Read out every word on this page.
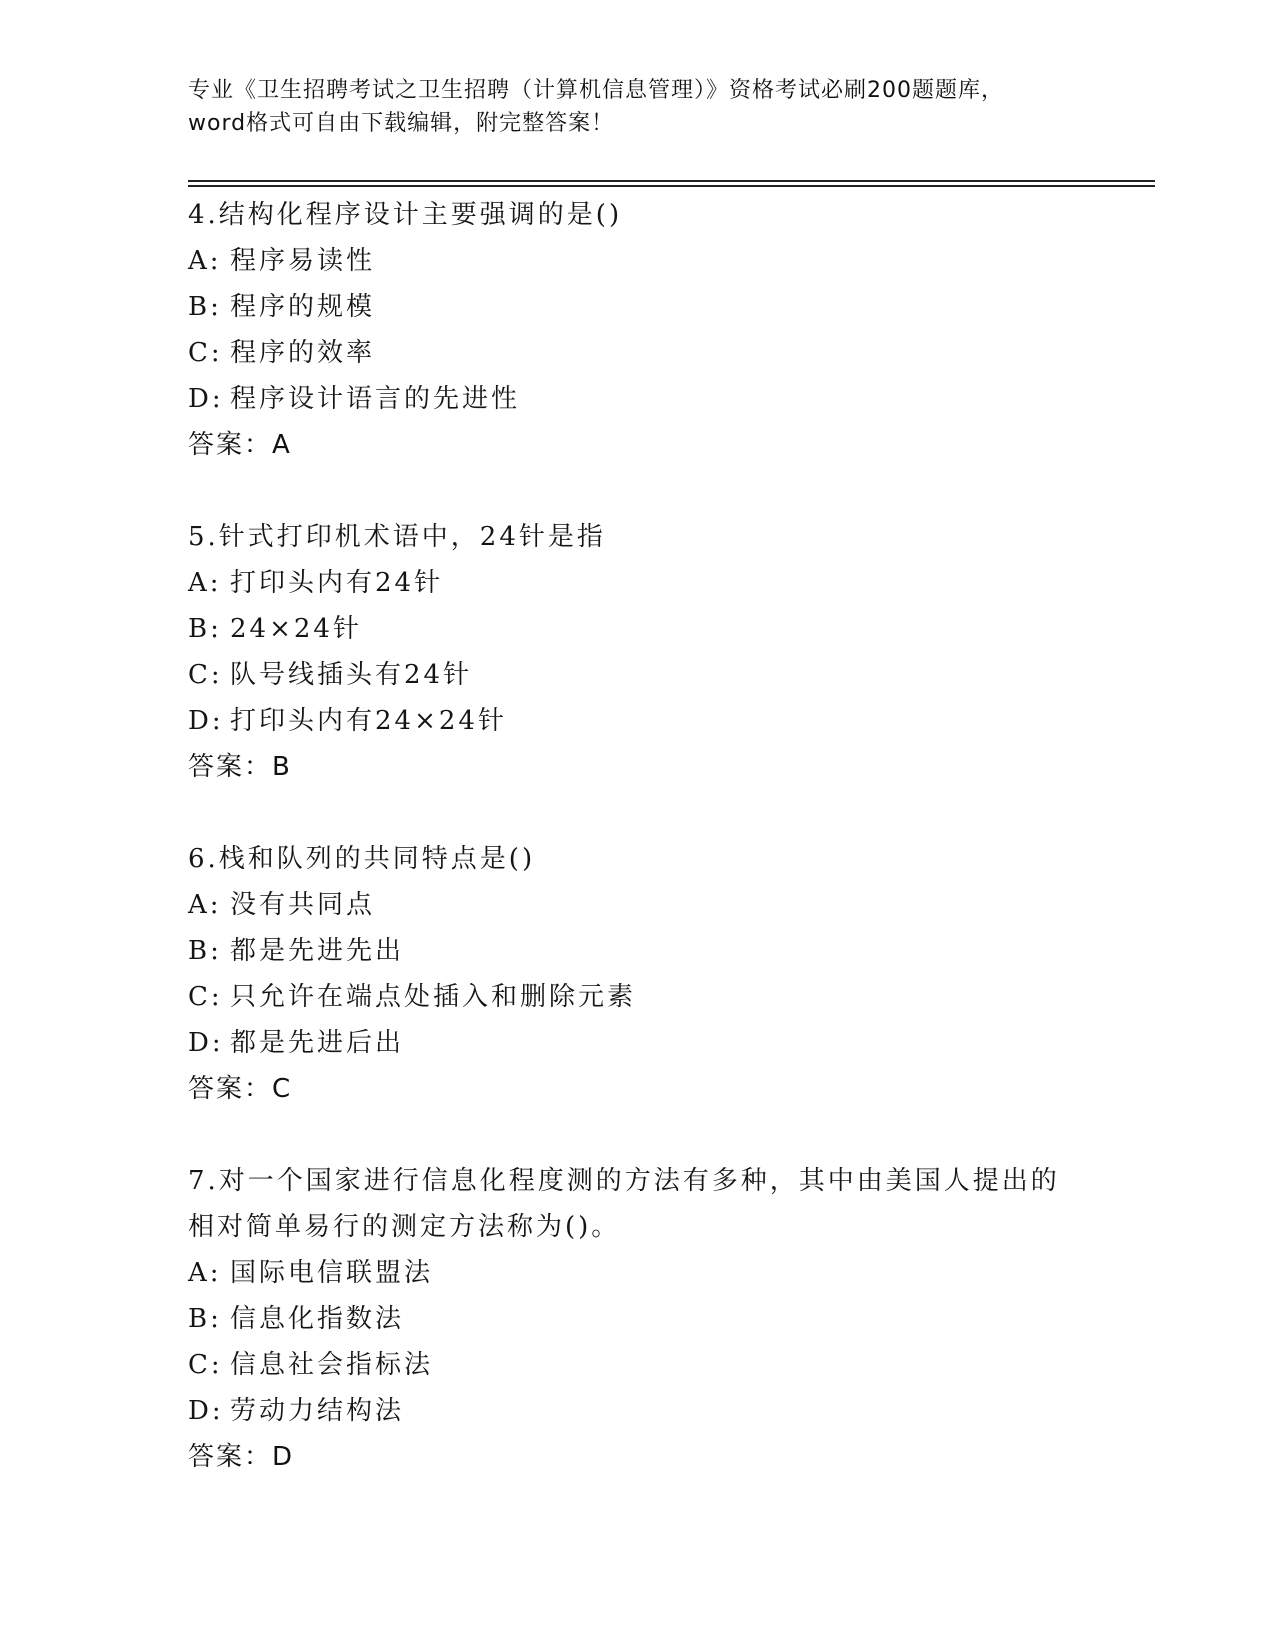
专业《卫生招聘考试之卫生招聘（计算机信息管理）》资格考试必刷200题题库，
word格式可自由下载编辑，附完整答案！
4.结构化程序设计主要强调的是()
A: 程序易读性
B: 程序的规模
C: 程序的效率
D: 程序设计语言的先进性
答案：A
5.针式打印机术语中，24针是指
A: 打印头内有24针
B: 24×24针
C: 队号线插头有24针
D: 打印头内有24×24针
答案：B
6.栈和队列的共同特点是()
A: 没有共同点
B: 都是先进先出
C: 只允许在端点处插入和删除元素
D: 都是先进后出
答案：C
7.对一个国家进行信息化程度测的方法有多种，其中由美国人提出的
相对简单易行的测定方法称为()。
A: 国际电信联盟法
B: 信息化指数法
C: 信息社会指标法
D: 劳动力结构法
答案：D
